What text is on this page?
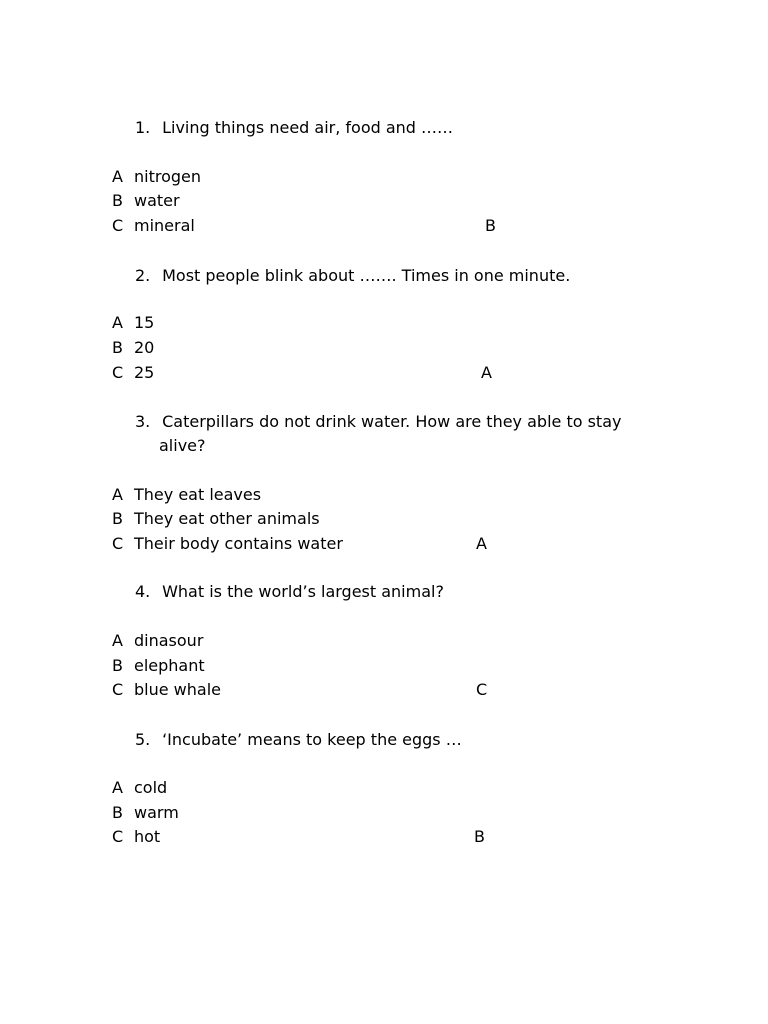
1. Living things need air, food and ……
A nitrogen
B water
C mineral	B
2. Most people blink about ……. Times in one minute.
A 15
B 20
C 25	A
3. Caterpillars do not drink water. How are they able to stay
alive?
A They eat leaves
B They eat other animals
C Their body contains water	A
4. What is the world’s largest animal?
A dinasour
B elephant
C blue whale	C
5. ‘Incubate’ means to keep the eggs …
A cold
B warm
C hot	B
